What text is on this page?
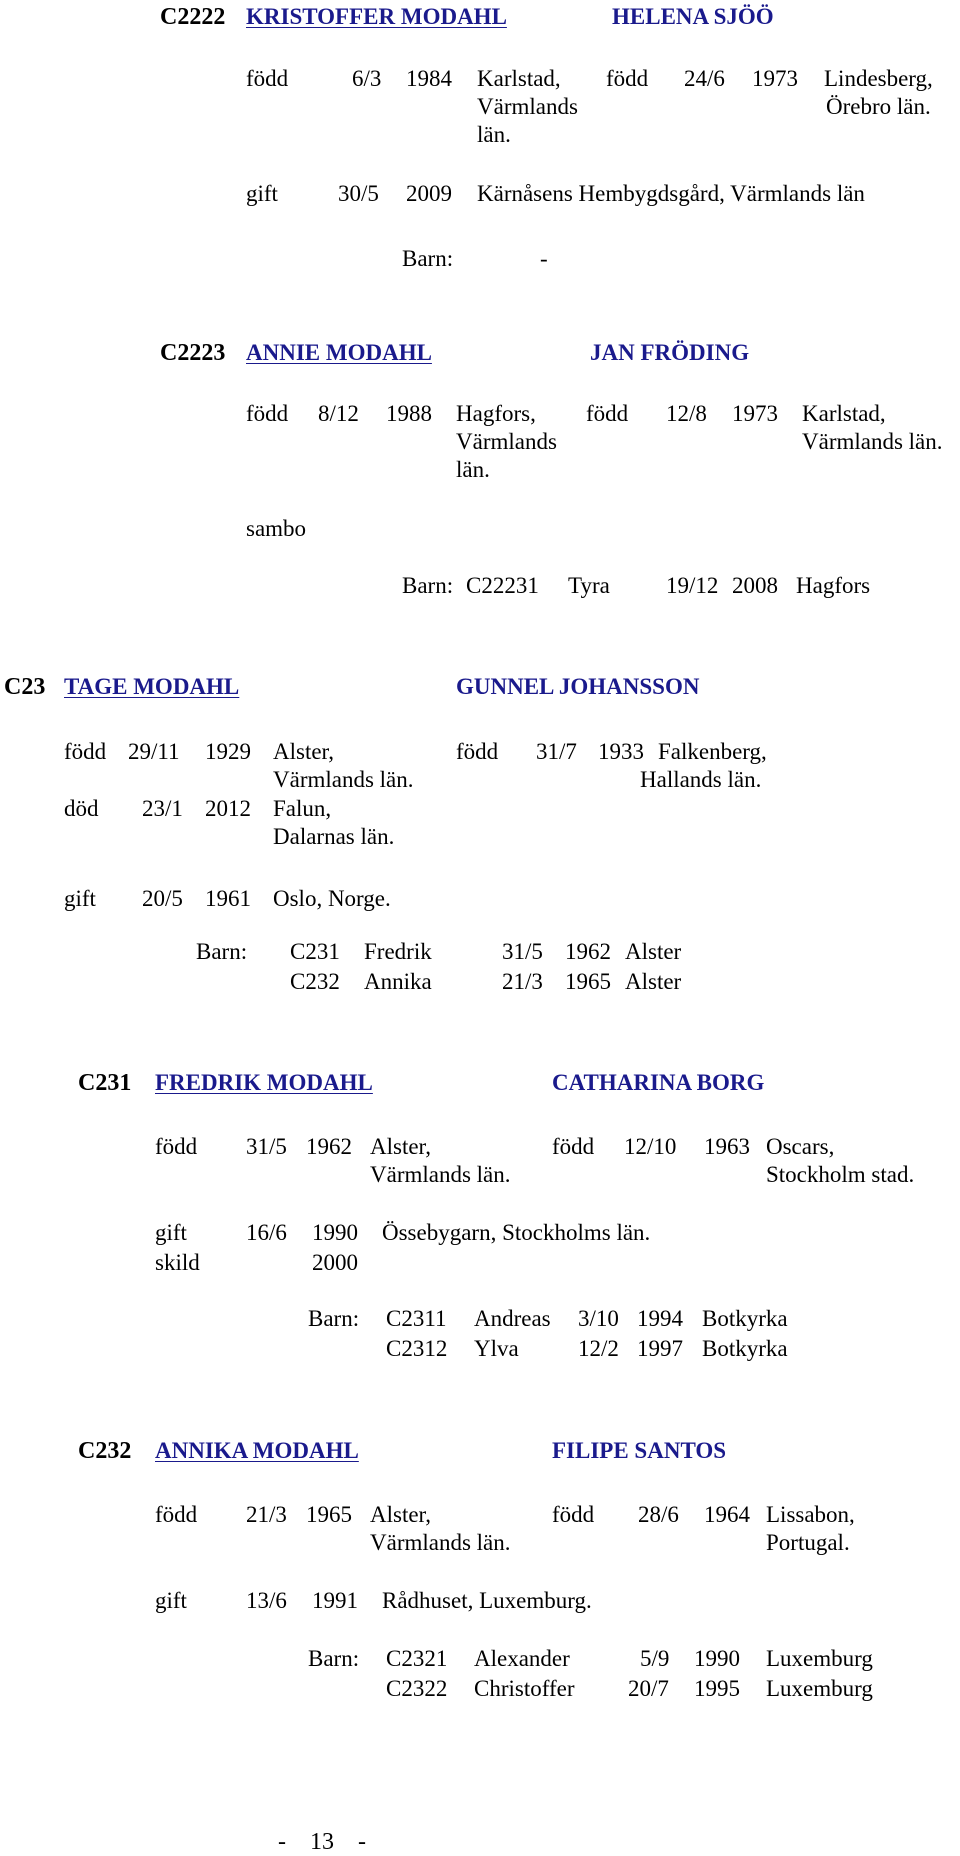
C2222 KRISTOFFER MODAHL	HELENA SJÖÖ
född	6/3 1984 Karlstad,
Värmlands
län.
född 24/6 1973 Lindesberg,
Örebro län.
gift	30/5 2009 Kärnåsens Hembygdsgård, Värmlands län
Barn:	-
C2223 ANNIE MODAHL	JAN FRÖDING
född 8/12 1988 Hagfors,
Värmlands
län.
född 12/8 1973 Karlstad,
Värmlands län.
sambo
Barn: C22231 Tyra 19/12 2008 Hagfors
C23 TAGE MODAHL	GUNNEL JOHANSSON
född 29/11 1929 Alster,
Värmlands län.
död 23/1 2012 Falun,
Dalarnas län.
född 31/7 1933 Falkenberg,
Hallands län.
gift 20/5 1961 Oslo, Norge.
Barn: C231 Fredrik	31/5 1962 Alster
C232 Annika	21/3 1965 Alster
C231 FREDRIK MODAHL	CATHARINA BORG
född 31/5 1962 Alster,
Värmlands län.
född 12/10 1963 Oscars,
Stockholm stad.
gift	16/6 1990 Össebygarn, Stockholms län.
skild	2000
Barn: C2311 Andreas 3/10 1994 Botkyrka
C2312 Ylva	12/2 1997 Botkyrka
C232 ANNIKA MODAHL	FILIPE SANTOS
född 21/3 1965 Alster,
Värmlands län.
född 28/6 1964 Lissabon,
Portugal.
gift	13/6 1991 Rådhuset, Luxemburg.
Barn: C2321 Alexander	5/9 1990 Luxemburg
C2322 Christoffer 20/7 1995 Luxemburg
- 13 -
